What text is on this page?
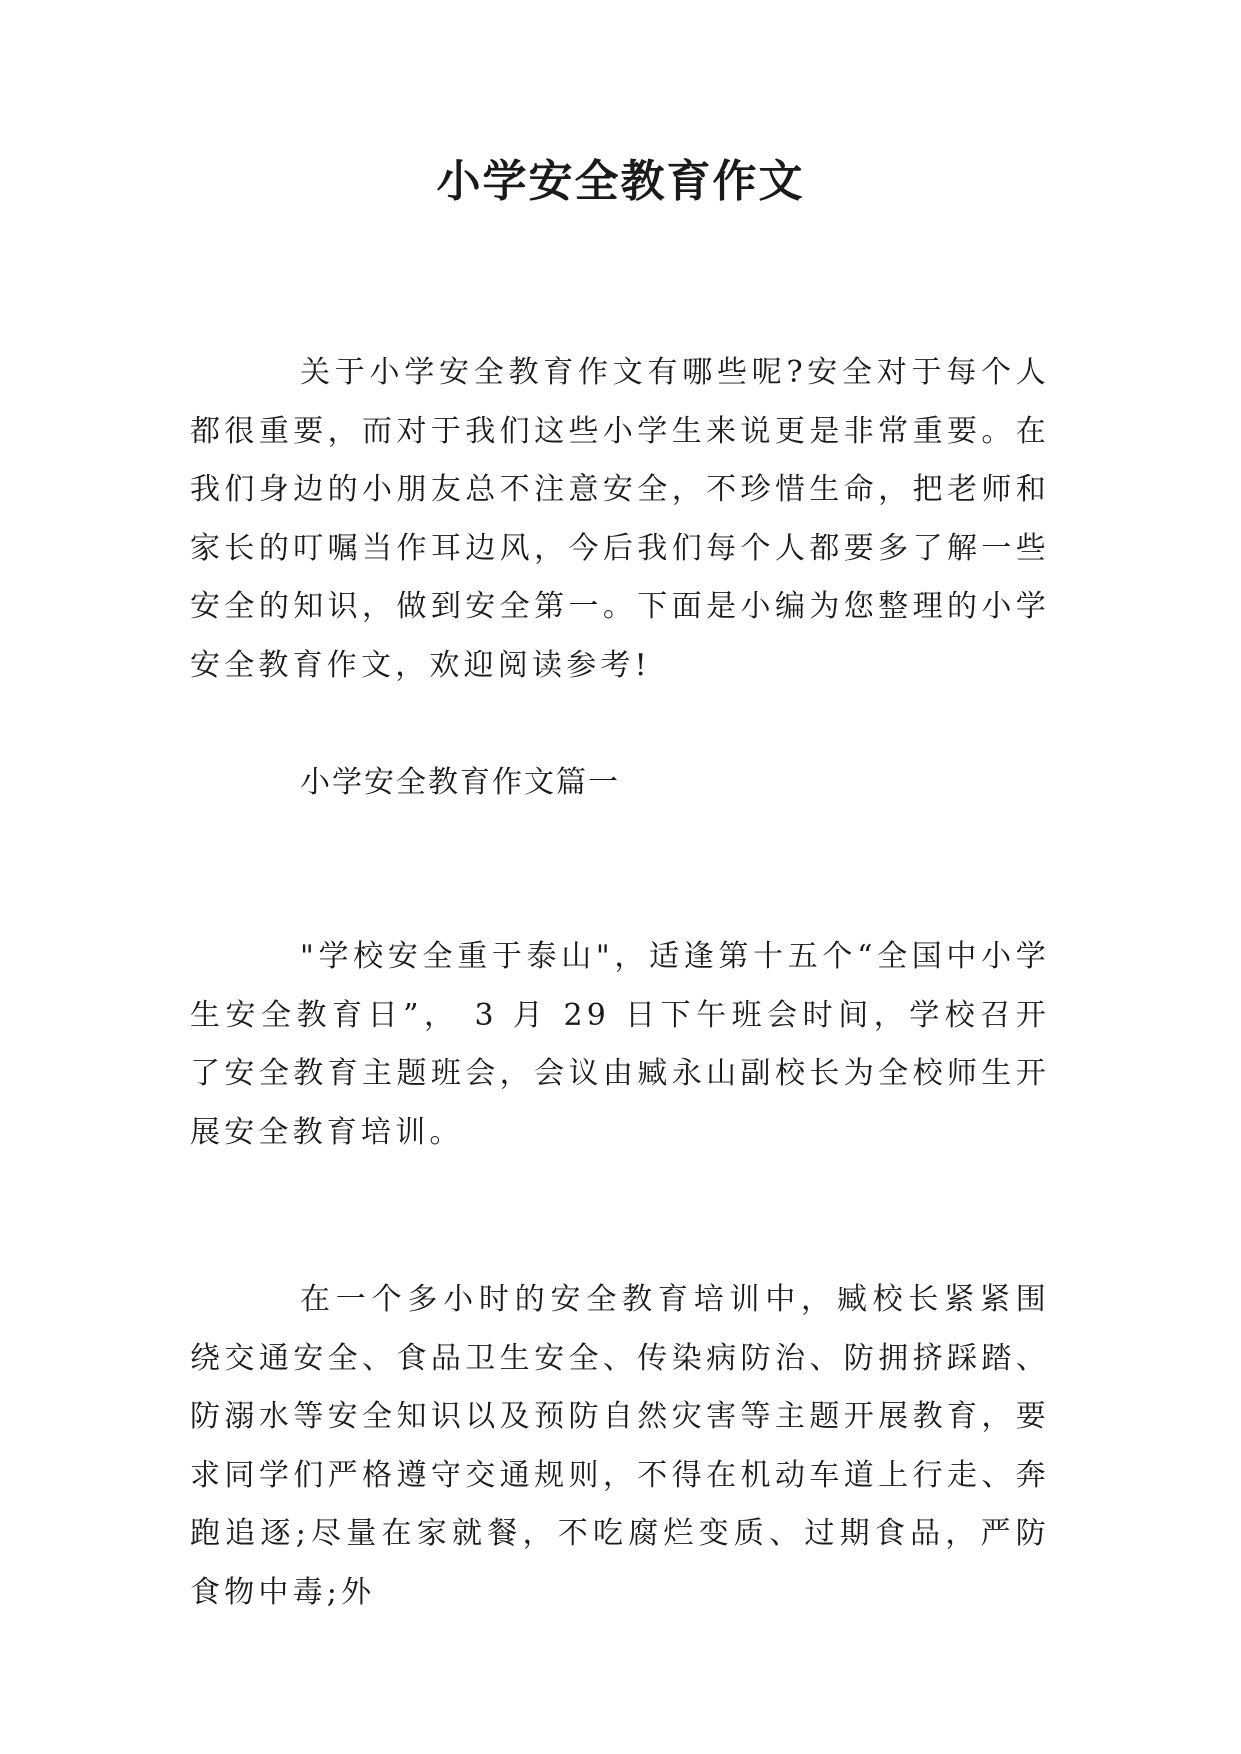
小学安全教育作文

关于小学安全教育作文有哪些呢?安全对于每个人都很重要，而对于我们这些小学生来说更是非常重要。在我们身边的小朋友总不注意安全，不珍惜生命，把老师和家长的叮嘱当作耳边风，今后我们每个人都要多了解一些安全的知识，做到安全第一。下面是小编为您整理的小学安全教育作文，欢迎阅读参考!

小学安全教育作文篇一

"学校安全重于泰山"，适逢第十五个“全国中小学生安全教育日”， 3 月 29 日下午班会时间，学校召开了安全教育主题班会，会议由臧永山副校长为全校师生开展安全教育培训。

在一个多小时的安全教育培训中，臧校长紧紧围绕交通安全、食品卫生安全、传染病防治、防拥挤踩踏、防溺水等安全知识以及预防自然灾害等主题开展教育，要求同学们严格遵守交通规则，不得在机动车道上行走、奔跑追逐;尽量在家就餐，不吃腐烂变质、过期食品，严防食物中毒;外
